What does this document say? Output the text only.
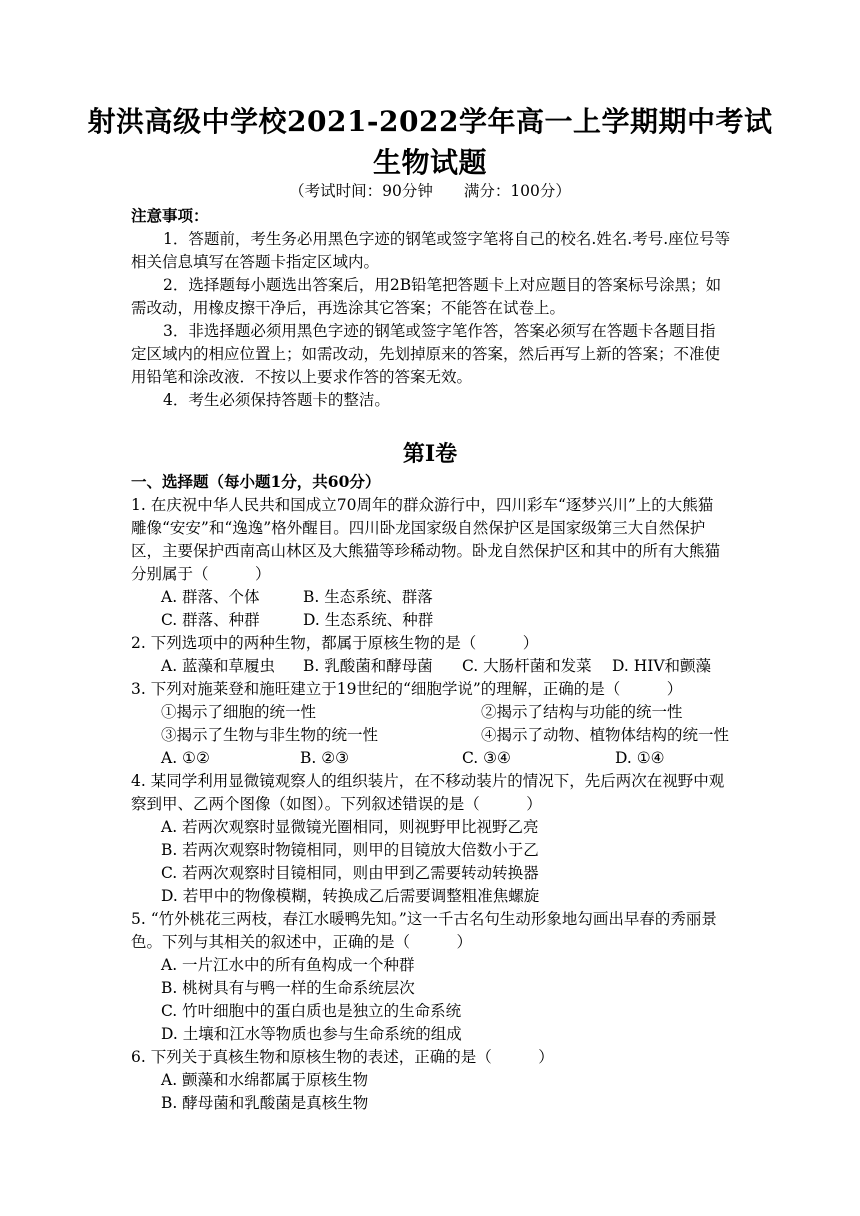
射洪高级中学校2021-2022学年高一上学期期中考试
生物试题
（考试时间：90分钟　　满分：100分）
注意事项：
1．答题前，考生务必用黑色字迹的钢笔或签字笔将自己的校名.姓名.考号.座位号等
相关信息填写在答题卡指定区域内。
2．选择题每小题选出答案后，用2B铅笔把答题卡上对应题目的答案标号涂黑；如
需改动，用橡皮擦干净后，再选涂其它答案；不能答在试卷上。
3．非选择题必须用黑色字迹的钢笔或签字笔作答，答案必须写在答题卡各题目指
定区域内的相应位置上；如需改动，先划掉原来的答案，然后再写上新的答案；不准使
用铅笔和涂改液．不按以上要求作答的答案无效。
4．考生必须保持答题卡的整洁。
第I卷
一、选择题（每小题1分，共60分）
1. 在庆祝中华人民共和国成立70周年的群众游行中，四川彩车“逐梦兴川”上的大熊猫
雕像“安安”和“逸逸”格外醒目。四川卧龙国家级自然保护区是国家级第三大自然保护
区，主要保护西南高山林区及大熊猫等珍稀动物。卧龙自然保护区和其中的所有大熊猫
分别属于（　　　）
A. 群落、个体	B. 生态系统、群落
C. 群落、种群	D. 生态系统、种群
2. 下列选项中的两种生物，都属于原核生物的是（　　　）
A. 蓝藻和草履虫 B. 乳酸菌和酵母菌 C. 大肠杆菌和发菜 D. HIV和颤藻
3. 下列对施莱登和施旺建立于19世纪的“细胞学说”的理解，正确的是（　　　）
①揭示了细胞的统一性	②揭示了结构与功能的统一性
③揭示了生物与非生物的统一性	④揭示了动物、植物体结构的统一性
A. ①②	B. ②③	C. ③④	D. ①④
4. 某同学利用显微镜观察人的组织装片，在不移动装片的情况下，先后两次在视野中观
察到甲、乙两个图像（如图）。下列叙述错误的是（　　　）
A. 若两次观察时显微镜光圈相同，则视野甲比视野乙亮
B. 若两次观察时物镜相同，则甲的目镜放大倍数小于乙
C. 若两次观察时目镜相同，则由甲到乙需要转动转换器
D. 若甲中的物像模糊，转换成乙后需要调整粗准焦螺旋
5. “竹外桃花三两枝，春江水暖鸭先知。”这一千古名句生动形象地勾画出早春的秀丽景
色。下列与其相关的叙述中，正确的是（　　　）
A. 一片江水中的所有鱼构成一个种群
B. 桃树具有与鸭一样的生命系统层次
C. 竹叶细胞中的蛋白质也是独立的生命系统
D. 土壤和江水等物质也参与生命系统的组成
6. 下列关于真核生物和原核生物的表述，正确的是（　　　）
A. 颤藻和水绵都属于原核生物
B. 酵母菌和乳酸菌是真核生物
